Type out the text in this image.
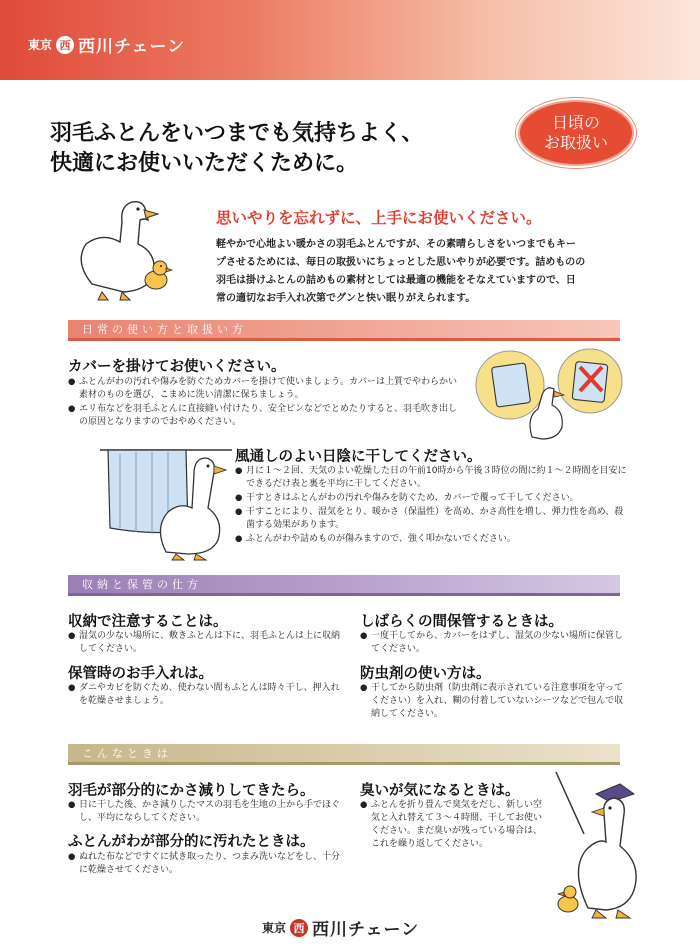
東京 西 西川チェーン
羽毛ふとんをいつまでも気持ちよく、
快適にお使いいただくために。
日頃の
お取扱い
思いやりを忘れずに、上手にお使いください。
軽やかで心地よい暖かさの羽毛ふとんですが、その素晴らしさをいつまでもキー
プさせるためには、毎日の取扱いにちょっとした思いやりが必要です。詰めものの
羽毛は掛けふとんの詰めもの素材としては最適の機能をそなえていますので、日
常の適切なお手入れ次第でグンと快い眠りがえられます。
日常の使い方と取扱い方
カバーを掛けてお使いください。
● ふとんがわの汚れや傷みを防ぐためカバーを掛けて使いましょう。カバーは上質でやわらかい素材のものを選び、こまめに洗い清潔に保ちましょう。
● エリ布などを羽毛ふとんに直接縫い付けたり、安全ピンなどでとめたりすると、羽毛吹き出しの原因となりますのでおやめください。
風通しのよい日陰に干してください。
● 月に１～２回、天気のよい乾燥した日の午前10時から午後３時位の間に約１～２時間を目安にできるだけ表と裏を平均に干してください。
● 干すときはふとんがわの汚れや傷みを防ぐため、カバーで覆って干してください。
● 干すことにより、湿気をとり、暖かさ（保温性）を高め、かさ高性を増し、弾力性を高め、殺菌する効果があります。
● ふとんがわや詰めものが傷みますので、強く叩かないでください。
収納と保管の仕方
収納で注意することは。
● 湿気の少ない場所に、敷きふとんは下に、羽毛ふとんは上に収納してください。
保管時のお手入れは。
● ダニやカビを防ぐため、使わない間もふとんは時々干し、押入れを乾燥させましょう。
しばらくの間保管するときは。
● 一度干してから、カバーをはずし、湿気の少ない場所に保管してください。
防虫剤の使い方は。
● 干してから防虫剤（防虫剤に表示されている注意事項を守ってください）を入れ、糊の付着していないシーツなどで包んで収納してください。
こんなときは
羽毛が部分的にかさ減りしてきたら。
● 日に干した後、かさ減りしたマスの羽毛を生地の上から手でほぐし、平均にならしてください。
ふとんがわが部分的に汚れたときは。
● ぬれた布などですぐに拭き取ったり、つまみ洗いなどをし、十分に乾燥させてください。
臭いが気になるときは。
● ふとんを折り畳んで臭気をだし、新しい空気と入れ替えて３～４時間、干してお使いください。まだ臭いが残っている場合は、これを繰り返してください。
東京 西 西川チェーン
